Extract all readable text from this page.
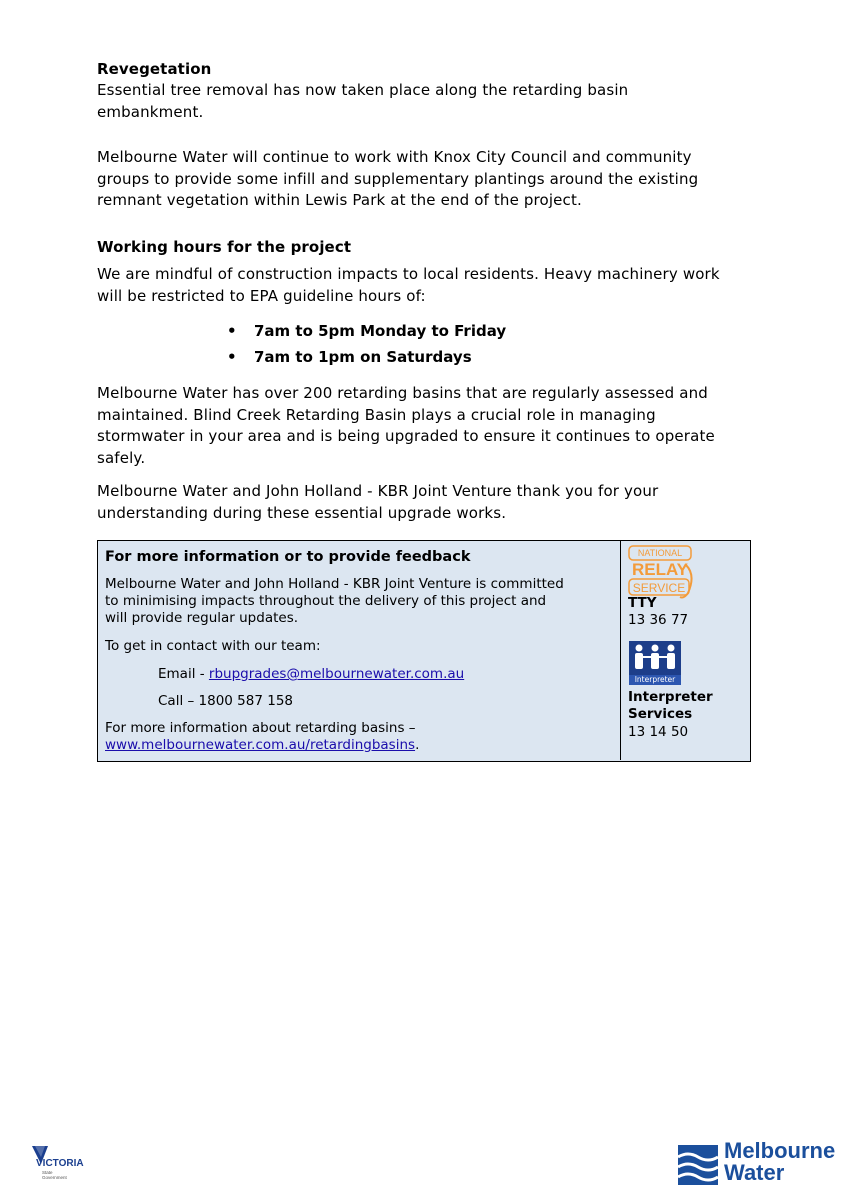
Revegetation

Essential tree removal has now taken place along the retarding basin

embankment.

Melbourne Water will continue to work with Knox City Council and community

groups to provide some infill and supplementary plantings around the existing

remnant vegetation within Lewis Park at the end of the project.

Working hours for the project

We are mindful of construction impacts to local residents. Heavy machinery work

will be restricted to EPA guideline hours of:

• 7am to 5pm Monday to Friday
• 7am to 1pm on Saturdays

Melbourne Water has over 200 retarding basins that are regularly assessed and

maintained. Blind Creek Retarding Basin plays a crucial role in managing

stormwater in your area and is being upgraded to ensure it continues to operate

safely.

Melbourne Water and John Holland - KBR Joint Venture thank you for your

understanding during these essential upgrade works.

For more information or to provide feedback
Melbourne Water and John Holland - KBR Joint Venture is committed
to minimising impacts throughout the delivery of this project and
will provide regular updates.
To get in contact with our team:
Email - rbupgrades@melbournewater.com.au
Call – 1800 587 158
For more information about retarding basins –
www.melbournewater.com.au/retardingbasins.
NATIONAL
RELAY
SERVICE
TTY
13 36 77
Interpreter
Interpreter
Services
13 14 50
VICTORIA
State
Government
Melbourne
Water
